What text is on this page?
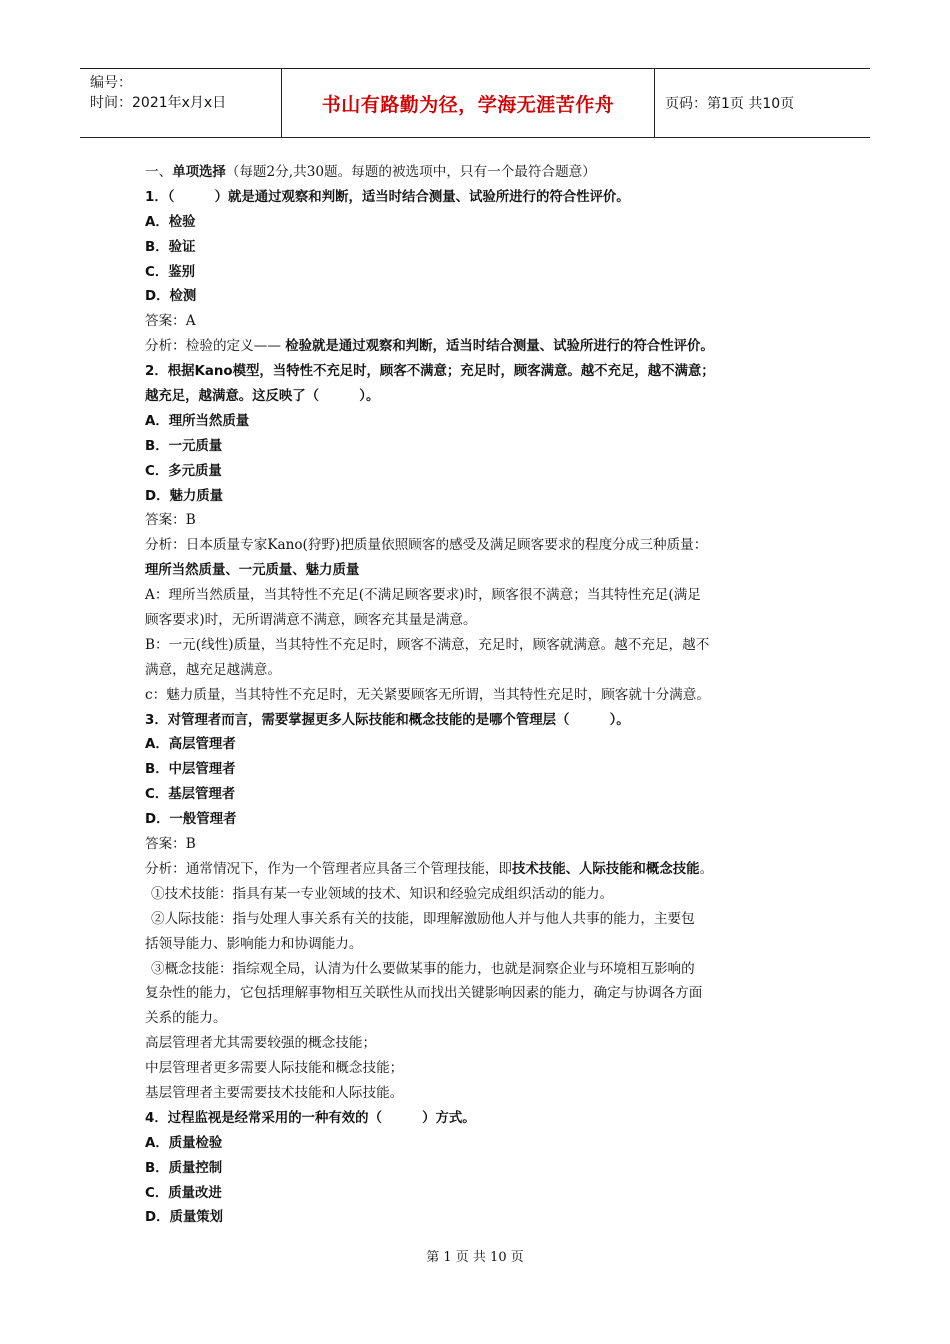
编号：
时间：2021年x月x日	书山有路勤为径，学海无涯苦作舟	页码：第1页 共10页
一、单项选择（每题2分,共30题。每题的被选项中，只有一个最符合题意）
1．（　　　）就是通过观察和判断，适当时结合测量、试验所进行的符合性评价。
A．检验
B．验证
C．鉴别
D．检测
答案：A
分析：检验的定义—— 检验就是通过观察和判断，适当时结合测量、试验所进行的符合性评价。
2．根据Kano模型，当特性不充足时，顾客不满意；充足时，顾客满意。越不充足，越不满意；
越充足，越满意。这反映了（　　　）。
A．理所当然质量
B．一元质量
C．多元质量
D．魅力质量
答案：B
分析：日本质量专家Kano(狩野)把质量依照顾客的感受及满足顾客要求的程度分成三种质量：
理所当然质量、一元质量、魅力质量
A：理所当然质量，当其特性不充足(不满足顾客要求)时，顾客很不满意；当其特性充足(满足
顾客要求)时，无所谓满意不满意，顾客充其量是满意。
B：一元(线性)质量，当其特性不充足时，顾客不满意，充足时，顾客就满意。越不充足，越不
满意，越充足越满意。
c：魅力质量，当其特性不充足时，无关紧要顾客无所谓，当其特性充足时，顾客就十分满意。
3．对管理者而言，需要掌握更多人际技能和概念技能的是哪个管理层（　　　）。
A．高层管理者
B．中层管理者
C．基层管理者
D．一般管理者
答案：B
分析：通常情况下，作为一个管理者应具备三个管理技能，即技术技能、人际技能和概念技能。
①技术技能：指具有某一专业领域的技术、知识和经验完成组织活动的能力。
②人际技能：指与处理人事关系有关的技能，即理解激励他人并与他人共事的能力，主要包
括领导能力、影响能力和协调能力。
③概念技能：指综观全局，认清为什么要做某事的能力，也就是洞察企业与环境相互影响的
复杂性的能力，它包括理解事物相互关联性从而找出关键影响因素的能力，确定与协调各方面
关系的能力。
高层管理者尤其需要较强的概念技能；
中层管理者更多需要人际技能和概念技能；
基层管理者主要需要技术技能和人际技能。
4．过程监视是经常采用的一种有效的（　　　）方式。
A．质量检验
B．质量控制
C．质量改进
D．质量策划
第 1 页 共 10 页
